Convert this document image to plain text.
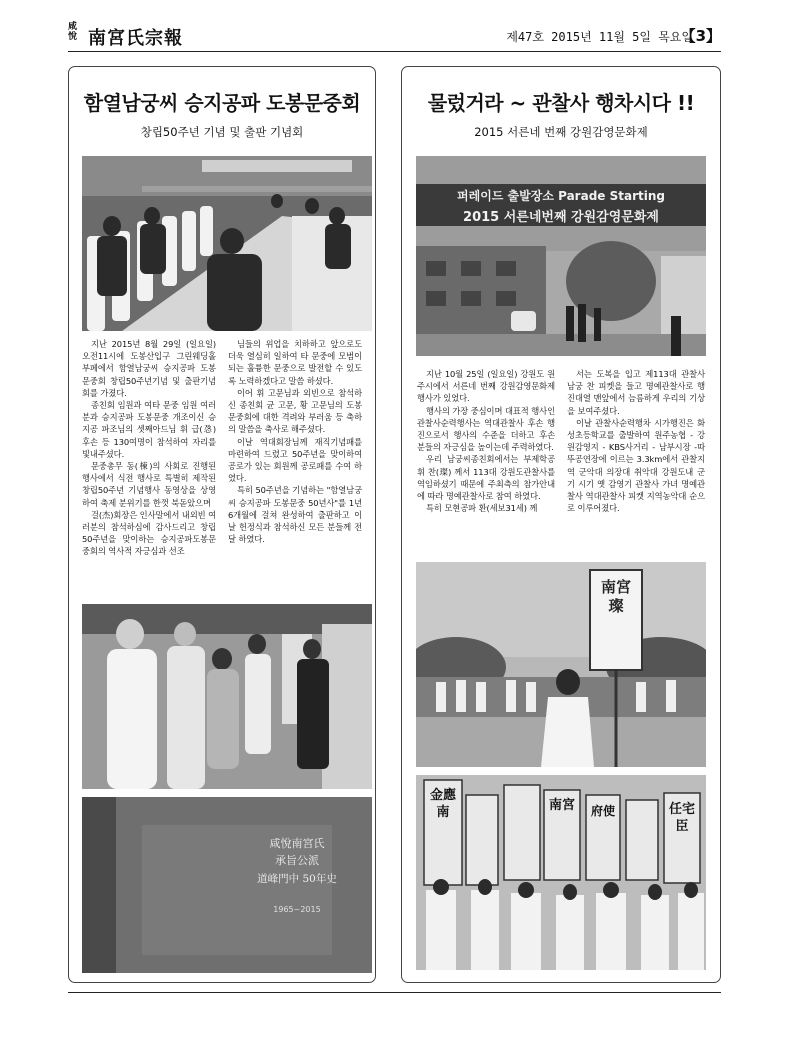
咸悅 南宮氏宗報	제47호 2015년 11월 5일 목요일
【3】
함열남궁씨 승지공파 도봉문중회
창립50주년 기념 및 출판 기념회

지난 2015년 8월 29일 (일요일) 오전11시에 도봉산입구 그린웨딩홀 부페에서 함열남궁씨 승지공파 도봉문중회 창립50주년기념 및 출판기념회를 가졌다.

종친회 임원과 여타 문중 임원 여러분과 승지공파 도봉문중 개조이신 승지공 파조님의 셋째아드님 휘 급(㤂) 후손 등 130여명이 참석하여 자리를 빛내주셨다.

문중총무 동(棟)의 사회로 진행된 행사에서 식전 행사로 특별히 제작된 창립50주년 기념행사 동영상을 상영하여 축제 분위기를 한껏 북돋았으며

걸(杰)회장은 인사말에서 내외빈 여러분의 참석하심에 감사드리고 창립50주년을 맞이하는 승지공파도봉문중회의 역사적 자긍심과 선조

님들의 위업을 치하하고 앞으로도 더욱 열심히 일하여 타 문중에 모범이 되는 훌륭한 문중으로 발전할 수 있도록 노력하겠다고 말씀 하셨다.

이어 휘 고문님과 외빈으로 참석하신 종친회 균 고문, 황 고문님의 도봉문중회에 대한 격려와 부러움 등 축하의 말씀을 축사로 해주셨다.

이날 역대회장님께 재직기념패를 마련하여 드렸고 50주년을 맞이하여 공로가 있는 회원께 공로패를 수여 하였다.

특히 50주년을 기념하는 "함열남궁씨 승지공파 도봉문중 50년사"를 1년6개월에 걸쳐 완성하여 출판하고 이날 헌정식과 참석하신 모든 분들께 전달 하였다.

咸悅南宮氏
承旨公派
道峰門中 50年史
1965~2015
물렀거라 ~ 관찰사 행차시다 !!
2015 서른네 번째 강원감영문화제
퍼레이드 출발장소 Parade Starting
2015 서른네번째 강원감영문화제

지난 10월 25일 (일요일) 강원도 원주시에서 서른네 번째 강원감영문화제 행사가 있었다.

행사의 가장 중심이며 대표적 행사인 관찰사순력행사는 역대관찰사 후손 행진으로서 행사의 수준을 더하고 후손 분들의 자긍심을 높이는데 주력하였다.

우리 남궁씨종친회에서는 부제학공 휘 찬(璨) 께서 113대 강원도관찰사를 역임하셨기 때문에 주최측의 참가안내에 따라 명예관찰사로 참여 하였다.

특히 모현공파 환(세보31세) 께

서는 도복을 입고 제113대 관찰사 남궁 찬 피켓을 들고 명예관찰사로 행진대열 맨앞에서 늠름하게 우리의 기상을 보여주셨다.

이날 관찰사순력행차 시가행진은 화성초등학교를 출발하여 원주농협 - 강원감영지 - KBS사거리 - 남부시장 -따뚜공연장에 이르는 3.3km에서 관찰지역 군악대 의장대 취악대 강원도내 군기 시기 옛 감영기 관찰사 가녀 명예관찰사 역대관찰사 피켓 지역농악대 순으로 이루어졌다.

南宮璨
金應南	南宮	任宅臣
府使
